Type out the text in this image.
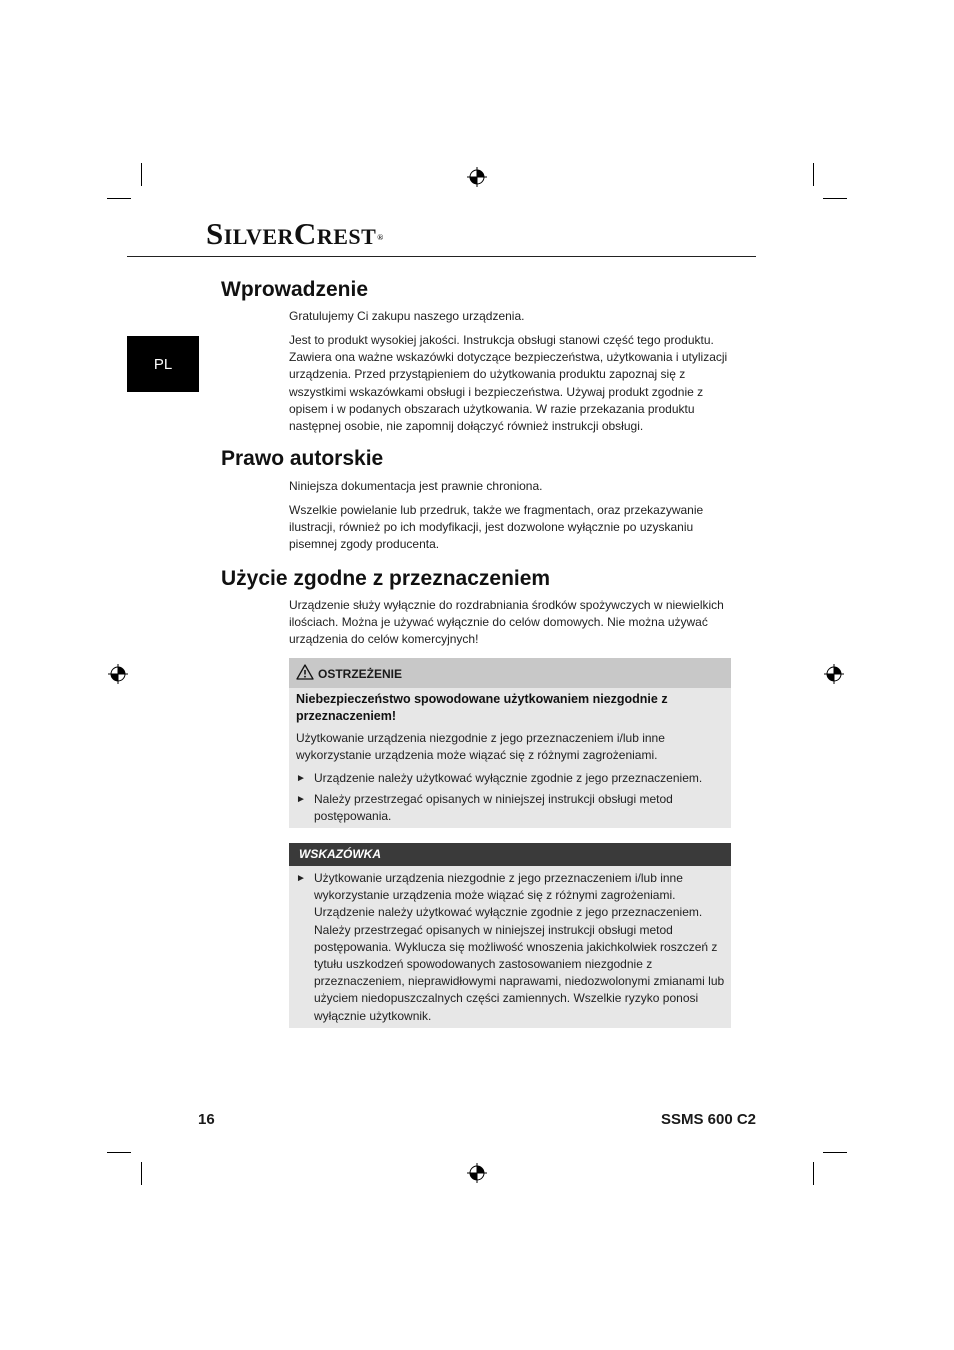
SILVERCREST®
PL
Wprowadzenie

Gratulujemy Ci zakupu naszego urządzenia.

Jest to produkt wysokiej jakości. Instrukcja obsługi stanowi część tego produktu. Zawiera ona ważne wskazówki dotyczące bezpieczeństwa, użytkowania i utylizacji urządzenia. Przed przystąpieniem do użytkowania produktu zapoznaj się z wszystkimi wskazówkami obsługi i bezpieczeństwa. Używaj produkt zgodnie z opisem i w podanych obszarach użytkowania. W razie przekazania produktu następnej osobie, nie zapomnij dołączyć również instrukcji obsługi.

Prawo autorskie

Niniejsza dokumentacja jest prawnie chroniona.

Wszelkie powielanie lub przedruk, także we fragmentach, oraz przekazywanie ilustracji, również po ich modyfikacji, jest dozwolone wyłącznie po uzyskaniu pisemnej zgody producenta.

Użycie zgodne z przeznaczeniem

Urządzenie służy wyłącznie do rozdrabniania środków spożywczych w niewielkich ilościach. Można je używać wyłącznie do celów domowych. Nie można używać urządzenia do celów komercyjnych!

OSTRZEŻENIE

Niebezpieczeństwo spowodowane użytkowaniem niezgodnie z przeznaczeniem!

Użytkowanie urządzenia niezgodnie z jego przeznaczeniem i/lub inne wykorzystanie urządzenia może wiązać się z różnymi zagrożeniami.

► Urządzenie należy użytkować wyłącznie zgodnie z jego przeznaczeniem.

► Należy przestrzegać opisanych w niniejszej instrukcji obsługi metod postępowania.

WSKAZÓWKA
► Użytkowanie urządzenia niezgodnie z jego przeznaczeniem i/lub inne wykorzystanie urządzenia może wiązać się z różnymi zagrożeniami. Urządzenie należy użytkować wyłącznie zgodnie z jego przeznaczeniem. Należy przestrzegać opisanych w niniejszej instrukcji obsługi metod postępowania. Wyklucza się możliwość wnoszenia jakichkolwiek roszczeń z tytułu uszkodzeń spowodowanych zastosowaniem niezgodnie z przeznaczeniem, nieprawidłowymi naprawami, niedozwolonymi zmianami lub użyciem niedopuszczalnych części zamiennych. Wszelkie ryzyko ponosi wyłącznie użytkownik.

16	SSMS 600 C2
